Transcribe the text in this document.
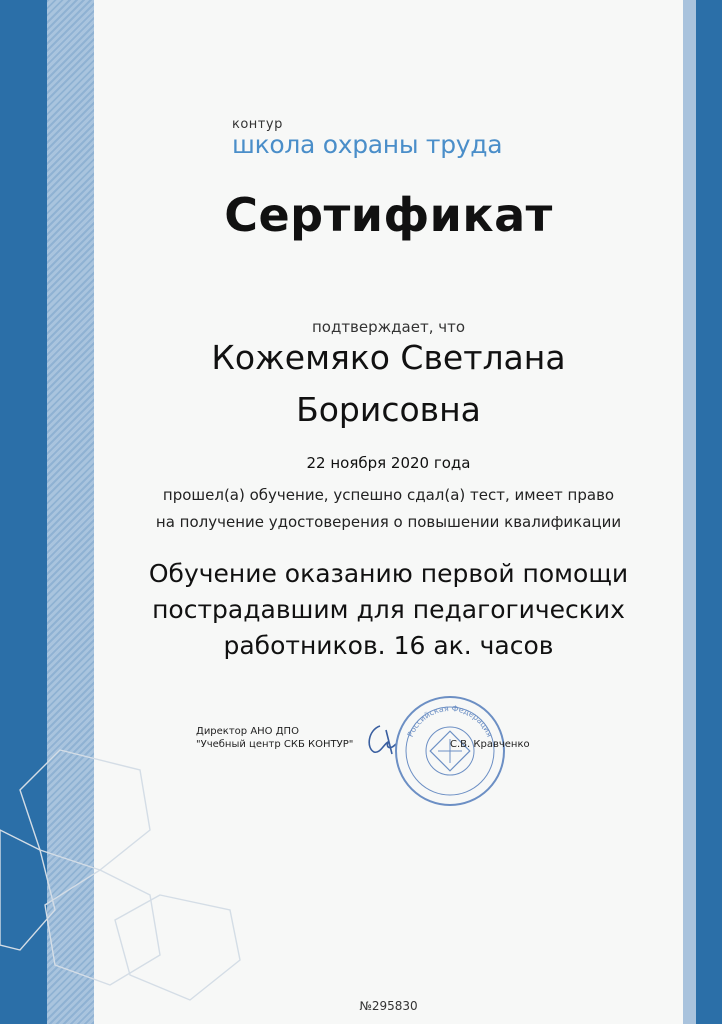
контур
школа охраны труда
Сертификат
подтверждает, что
Кожемяко Светлана
Борисовна
22 ноября 2020 года
прошел(а) обучение, успешно сдал(а) тест, имеет право
на получение удостоверения о повышении квалификации
Обучение оказанию первой помощи
пострадавшим для педагогических
работников. 16 ак. часов
Директор АНО ДПО
"Учебный центр СКБ КОНТУР"
Российская Федерация
С.В. Кравченко
№295830
